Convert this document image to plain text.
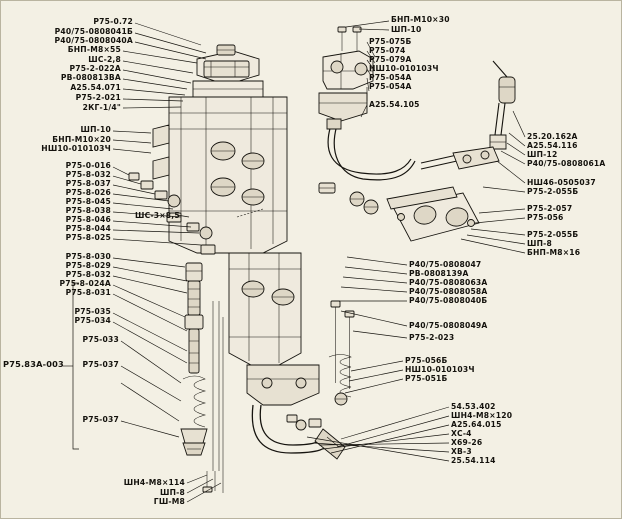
Р75-0.72
Р40/75-0808041Б
Р40/75-0808040А
БНП-М8×55
ШС-2,8
Р75-2-022А
РВ-080813ВА
А25.54.071
Р75-2-021
2КГ-1/4"
ШП-10
БНП-М10×20
НШ10-010103Ч
Р75-0-016
Р75-8-032
Р75-8-037
Р75-8-026
Р75-8-045
Р75-8-038
Р75-8-046
Р75-8-044
Р75-8-025
Р75-8-030
Р75-8-029
Р75-8-032
Р75-8-024А
Р75-8-031
Р75-035
Р75-034
Р75-033
Р75-037
Р75-037
P75.83A-003
БНП-М10×30
ШП-10
Р75-075Б
Р75-074
Р75-079А
НШ10-010103Ч
Р75-054А
Р75-054А
А25.54.105
25.20.162А
А25.54.116
ШП-12
Р40/75-0808061А
НШ46-0505037
Р75-2-055Б
Р75-2-057
Р75-056
Р75-2-055Б
ШП-8
БНП-М8×16
Р40/75-0808047
РВ-0808139А
Р40/75-0808063А
Р40/75-0808058А
Р40/75-0808040Б
Р40/75-0808049А
Р75-2-023
Р75-056Б
НШ10-010103Ч
Р75-051Б
54.53.402
ШН4-М8×120
А25.64.015
ХС-4
Х69-26
ХВ-3
25.54.114
ШН4-М8×114
ШП-8
ГШ-М8
ШС-3×8,5
